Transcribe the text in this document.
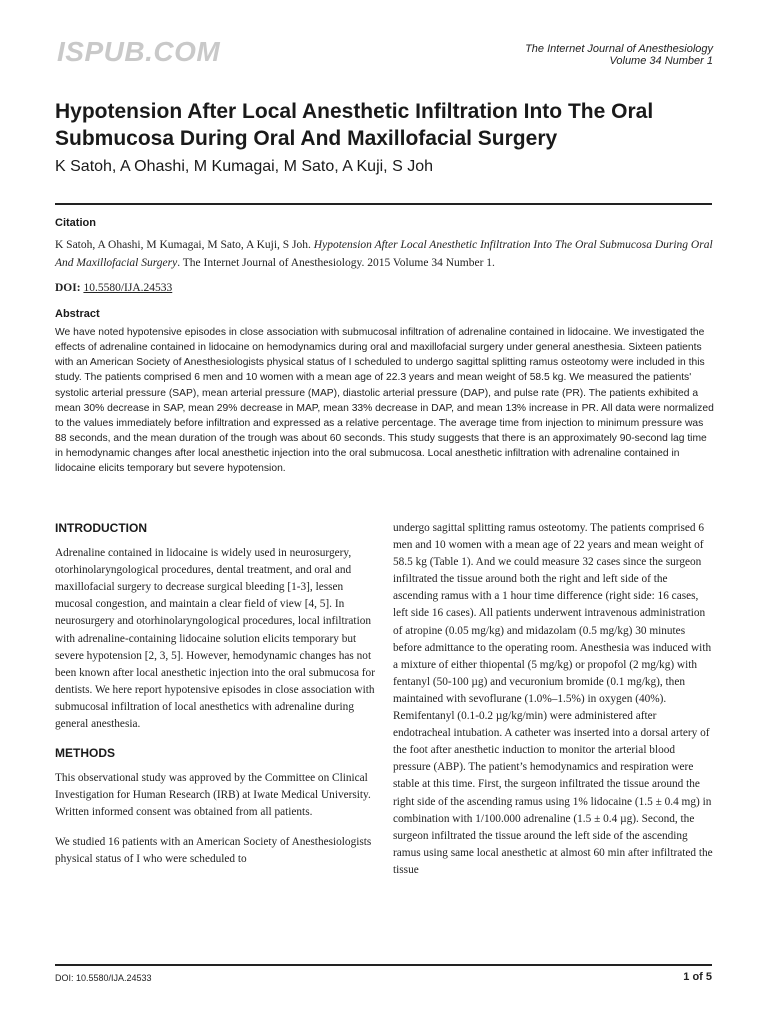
ISPUB.COM	The Internet Journal of Anesthesiology
Volume 34 Number 1
Hypotension After Local Anesthetic Infiltration Into The Oral Submucosa During Oral And Maxillofacial Surgery
K Satoh, A Ohashi, M Kumagai, M Sato, A Kuji, S Joh
Citation
K Satoh, A Ohashi, M Kumagai, M Sato, A Kuji, S Joh. Hypotension After Local Anesthetic Infiltration Into The Oral Submucosa During Oral And Maxillofacial Surgery. The Internet Journal of Anesthesiology. 2015 Volume 34 Number 1.
DOI: 10.5580/IJA.24533
Abstract

We have noted hypotensive episodes in close association with submucosal infiltration of adrenaline contained in lidocaine. We investigated the effects of adrenaline contained in lidocaine on hemodynamics during oral and maxillofacial surgery under general anesthesia. Sixteen patients with an American Society of Anesthesiologists physical status of I scheduled to undergo sagittal splitting ramus osteotomy were included in this study. The patients comprised 6 men and 10 women with a mean age of 22.3 years and mean weight of 58.5 kg. We measured the patients' systolic arterial pressure (SAP), mean arterial pressure (MAP), diastolic arterial pressure (DAP), and pulse rate (PR). The patients exhibited a mean 30% decrease in SAP, mean 29% decrease in MAP, mean 33% decrease in DAP, and mean 13% increase in PR. All data were normalized to the values immediately before infiltration and expressed as a relative percentage. The average time from injection to minimum pressure was 88 seconds, and the mean duration of the trough was about 60 seconds. This study suggests that there is an approximately 90-second lag time in hemodynamic changes after local anesthetic injection into the oral submucosa. Local anesthetic infiltration with adrenaline contained in lidocaine elicits temporary but severe hypotension.

INTRODUCTION

Adrenaline contained in lidocaine is widely used in neurosurgery, otorhinolaryngological procedures, dental treatment, and oral and maxillofacial surgery to decrease surgical bleeding [1-3], lessen mucosal congestion, and maintain a clear field of view [4, 5]. In neurosurgery and otorhinolaryngological procedures, local infiltration with adrenaline-containing lidocaine solution elicits temporary but severe hypotension [2, 3, 5]. However, hemodynamic changes has not been known after local anesthetic injection into the oral submucosa for dentists. We here report hypotensive episodes in close association with submucosal infiltration of local anesthetics with adrenaline during general anesthesia.

METHODS

This observational study was approved by the Committee on Clinical Investigation for Human Research (IRB) at Iwate Medical University. Written informed consent was obtained from all patients.

We studied 16 patients with an American Society of Anesthesiologists physical status of I who were scheduled to

undergo sagittal splitting ramus osteotomy. The patients comprised 6 men and 10 women with a mean age of 22 years and mean weight of 58.5 kg (Table 1). And we could measure 32 cases since the surgeon infiltrated the tissue around both the right and left side of the ascending ramus with a 1 hour time difference (right side: 16 cases, left side 16 cases). All patients underwent intravenous administration of atropine (0.05 mg/kg) and midazolam (0.5 mg/kg) 30 minutes before admittance to the operating room. Anesthesia was induced with a mixture of either thiopental (5 mg/kg) or propofol (2 mg/kg) with fentanyl (50-100 µg) and vecuronium bromide (0.1 mg/kg), then maintained with sevoflurane (1.0%–1.5%) in oxygen (40%). Remifentanyl (0.1-0.2 µg/kg/min) were administered after endotracheal intubation. A catheter was inserted into a dorsal artery of the foot after anesthetic induction to monitor the arterial blood pressure (ABP). The patient’s hemodynamics and respiration were stable at this time. First, the surgeon infiltrated the tissue around the right side of the ascending ramus using 1% lidocaine (1.5 ± 0.4 mg) in combination with 1/100.000 adrenaline (1.5 ± 0.4 µg). Second, the surgeon infiltrated the tissue around the left side of the ascending ramus using same local anesthetic at almost 60 min after infiltrated the tissue

DOI: 10.5580/IJA.24533	1 of 5
